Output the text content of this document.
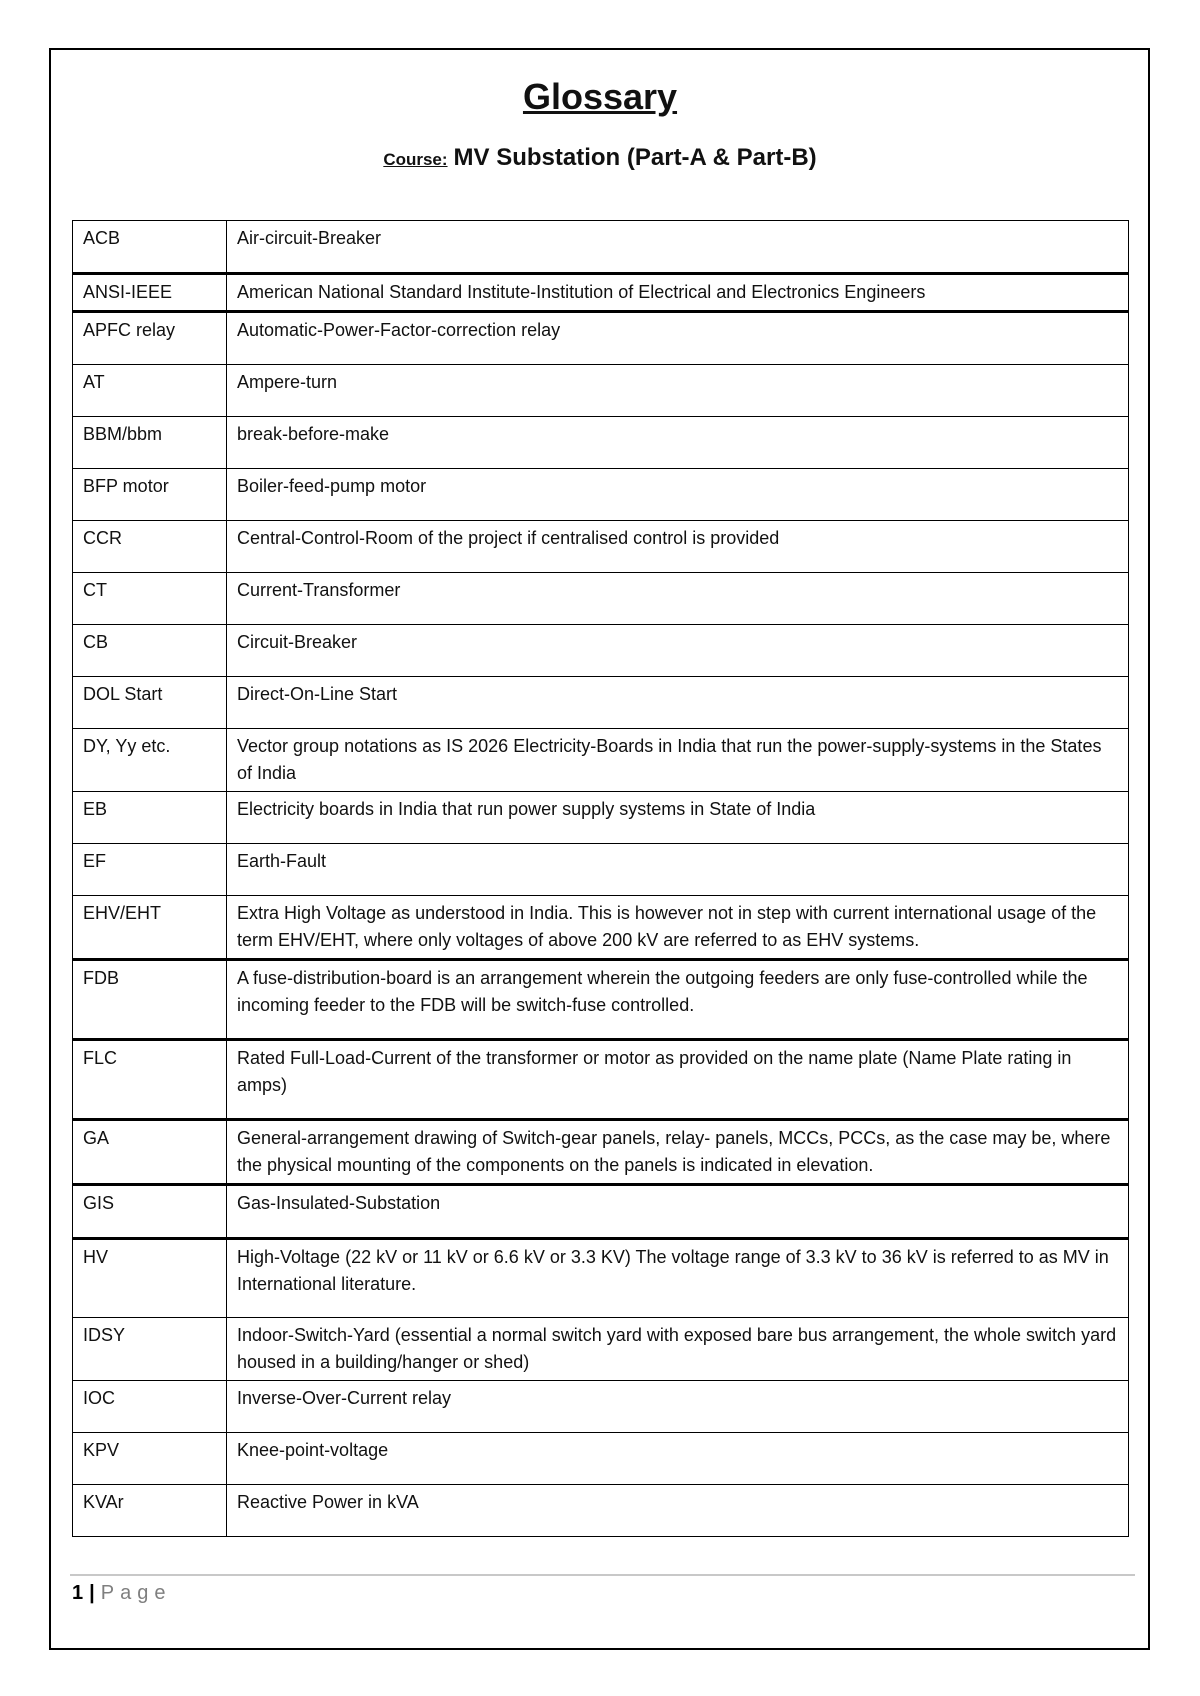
Glossary
Course: MV Substation (Part-A & Part-B)
ACB	Air-circuit-Breaker
ANSI-IEEE	American National Standard Institute-Institution of Electrical and Electronics Engineers
APFC relay	Automatic-Power-Factor-correction relay
AT	Ampere-turn
BBM/bbm	break-before-make
BFP motor	Boiler-feed-pump motor
CCR	Central-Control-Room of the project if centralised control is provided
CT	Current-Transformer
CB	Circuit-Breaker
DOL Start	Direct-On-Line Start
DY, Yy etc.	Vector group notations as IS 2026 Electricity-Boards in India that run the power-supply-systems in the States of India
EB	Electricity boards in India that run power supply systems in State of India
EF	Earth-Fault
EHV/EHT	Extra High Voltage as understood in India. This is however not in step with current international usage of the term EHV/EHT, where only voltages of above 200 kV are referred to as EHV systems.
FDB	A fuse-distribution-board is an arrangement wherein the outgoing feeders are only fuse-controlled while the incoming feeder to the FDB will be switch-fuse controlled.
FLC	Rated Full-Load-Current of the transformer or motor as provided on the name plate (Name Plate rating in amps)
GA	General-arrangement drawing of Switch-gear panels, relay- panels, MCCs, PCCs, as the case may be, where the physical mounting of the components on the panels is indicated in elevation.
GIS	Gas-Insulated-Substation
HV	High-Voltage (22 kV or 11 kV or 6.6 kV or 3.3 KV) The voltage range of 3.3 kV to 36 kV is referred to as MV in International literature.
IDSY	Indoor-Switch-Yard (essential a normal switch yard with exposed bare bus arrangement, the whole switch yard housed in a building/hanger or shed)
IOC	Inverse-Over-Current relay
KPV	Knee-point-voltage
KVAr	Reactive Power in kVA
1 | Page
